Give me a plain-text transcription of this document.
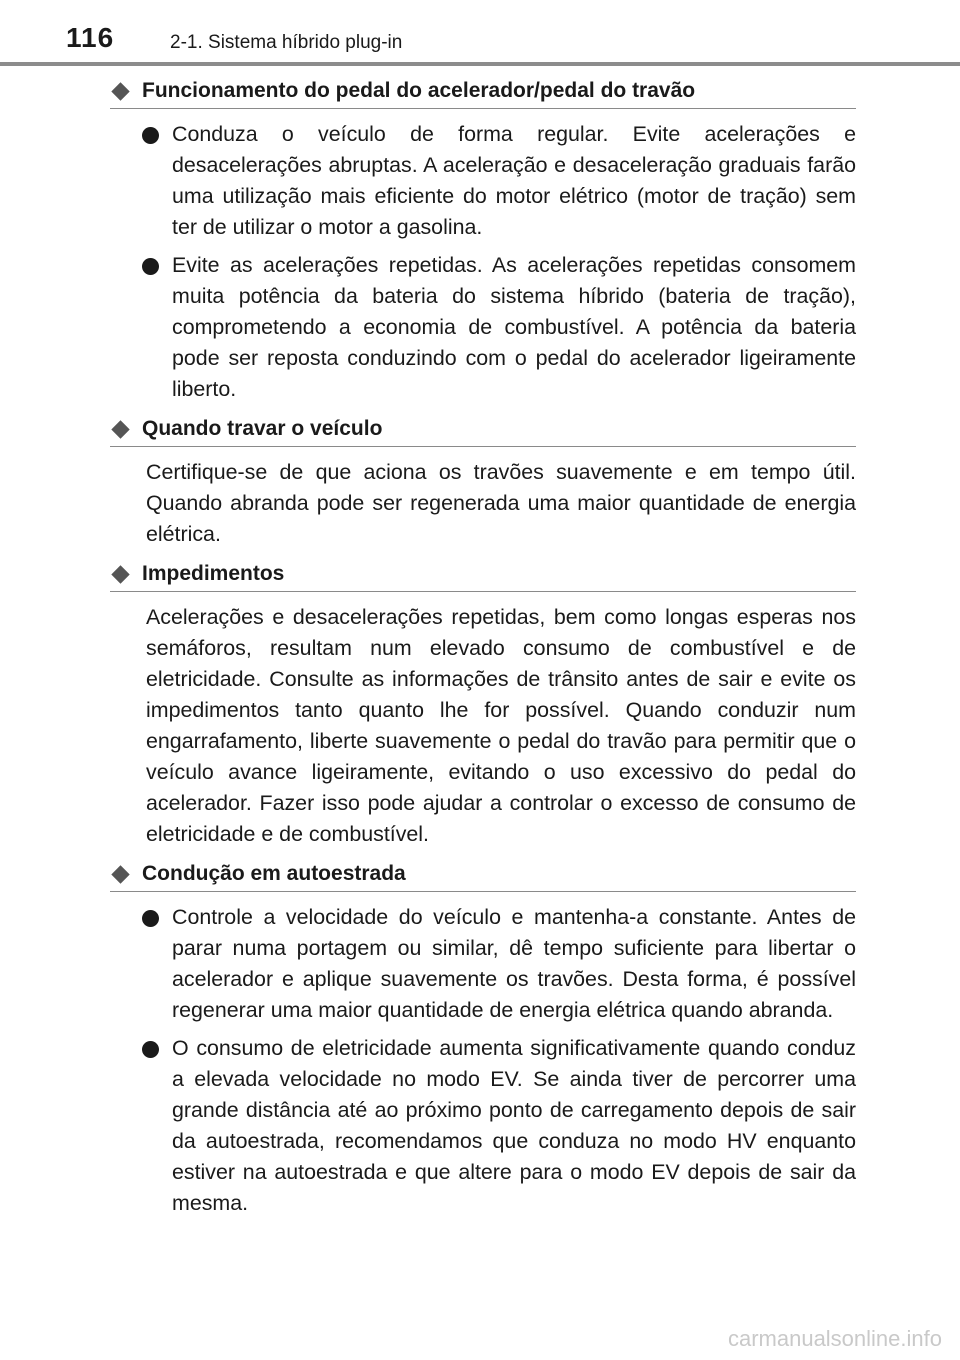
116	2-1. Sistema híbrido plug-in
Funcionamento do pedal do acelerador/pedal do travão
Conduza o veículo de forma regular. Evite acelerações e desacelerações abruptas. A aceleração e desaceleração graduais farão uma utilização mais eficiente do motor elétrico (motor de tração) sem ter de utilizar o motor a gasolina.
Evite as acelerações repetidas. As acelerações repetidas consomem muita potência da bateria do sistema híbrido (bateria de tração), comprometendo a economia de combustível. A potência da bateria pode ser reposta conduzindo com o pedal do acelerador ligeiramente liberto.
Quando travar o veículo

Certifique-se de que aciona os travões suavemente e em tempo útil. Quando abranda pode ser regenerada uma maior quantidade de energia elétrica.

Impedimentos

Acelerações e desacelerações repetidas, bem como longas esperas nos semáforos, resultam num elevado consumo de combustível e de eletricidade. Consulte as informações de trânsito antes de sair e evite os impedimentos tanto quanto lhe for possível. Quando conduzir num engarrafamento, liberte suavemente o pedal do travão para permitir que o veículo avance ligeiramente, evitando o uso excessivo do pedal do acelerador. Fazer isso pode ajudar a controlar o excesso de consumo de eletricidade e de combustível.

Condução em autoestrada
Controle a velocidade do veículo e mantenha-a constante. Antes de parar numa portagem ou similar, dê tempo suficiente para libertar o acelerador e aplique suavemente os travões. Desta forma, é possível regenerar uma maior quantidade de energia elétrica quando abranda.
O consumo de eletricidade aumenta significativamente quando conduz a elevada velocidade no modo EV. Se ainda tiver de percorrer uma grande distância até ao próximo ponto de carregamento depois de sair da autoestrada, recomendamos que conduza no modo HV enquanto estiver na autoestrada e que altere para o modo EV depois de sair da mesma.
carmanualsonline.info
